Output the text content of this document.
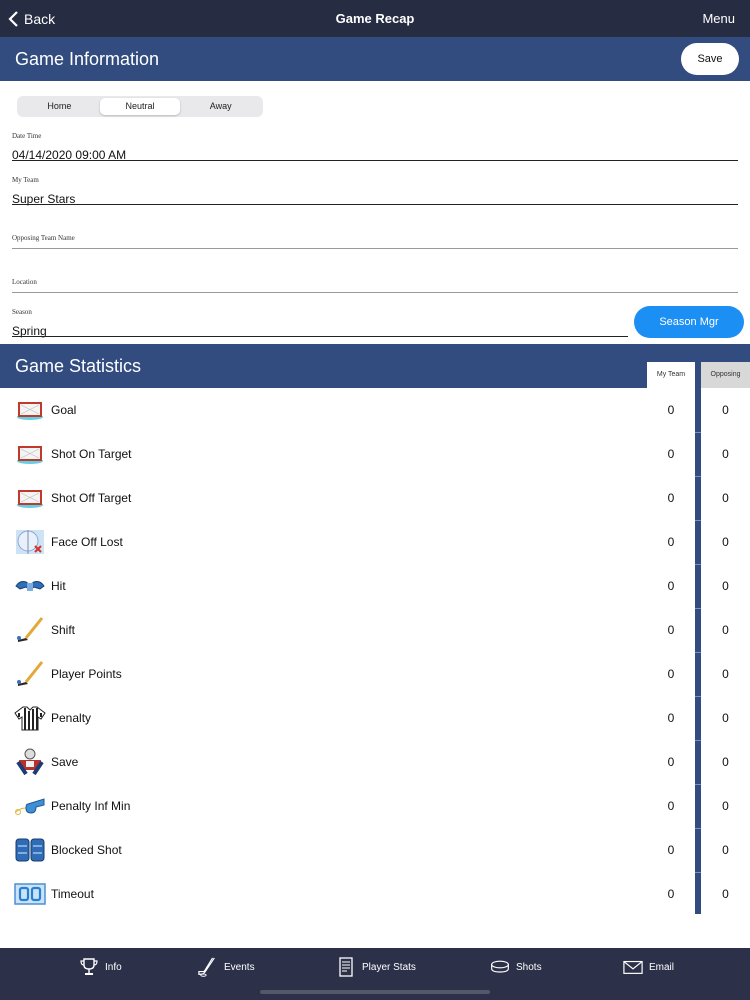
Back	Game Recap	Menu
Game Information	Save
Home	Neutral	Away
Date Time
04/14/2020 09:00 AM
My Team
Super Stars
Opposing Team Name
Location
Season
Spring
Season Mgr
Game Statistics	My Team	Opposing
Goal	0	0
Shot On Target	0	0
Shot Off Target	0	0
Face Off Lost	0	0
Hit	0	0
Shift	0	0
Player Points	0	0
Penalty	0	0
Save	0	0
Penalty Inf Min	0	0
Blocked Shot	0	0
Timeout	0	0
Info	Events	Player Stats	Shots	Email
